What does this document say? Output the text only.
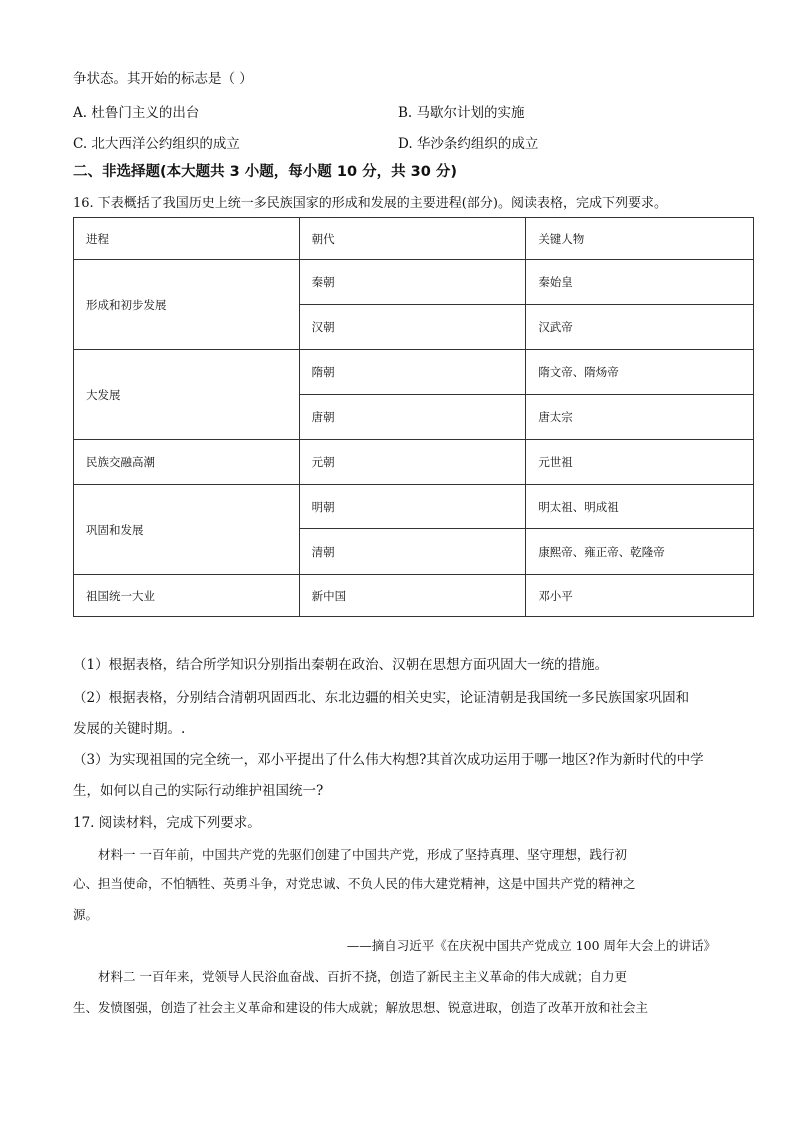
争状态。其开始的标志是（ ）
A. 杜鲁门主义的出台	B. 马歇尔计划的实施
C. 北大西洋公约组织的成立	D. 华沙条约组织的成立
二、非选择题(本大题共 3 小题，每小题 10 分，共 30 分)
16. 下表概括了我国历史上统一多民族国家的形成和发展的主要进程(部分)。阅读表格，完成下列要求。
进程	朝代	关键人物
形成和初步发展	秦朝	秦始皇
	汉朝	汉武帝
大发展	隋朝	隋文帝、隋炀帝
	唐朝	唐太宗
民族交融高潮	元朝	元世祖
巩固和发展	明朝	明太祖、明成祖
	清朝	康熙帝、雍正帝、乾隆帝
祖国统一大业	新中国	邓小平
（1）根据表格，结合所学知识分别指出秦朝在政治、汉朝在思想方面巩固大一统的措施。
（2）根据表格，分别结合清朝巩固西北、东北边疆的相关史实，论证清朝是我国统一多民族国家巩固和
发展的关键时期。.
（3）为实现祖国的完全统一，邓小平提出了什么伟大构想?其首次成功运用于哪一地区?作为新时代的中学
生，如何以自己的实际行动维护祖国统一?
17. 阅读材料，完成下列要求。
材料一 一百年前，中国共产党的先驱们创建了中国共产党，形成了坚持真理、坚守理想，践行初
心、担当使命，不怕牺牲、英勇斗争，对党忠诚、不负人民的伟大建党精神，这是中国共产党的精神之
源。
——摘自习近平《在庆祝中国共产党成立 100 周年大会上的讲话》
材料二 一百年来，党领导人民浴血奋战、百折不挠，创造了新民主主义革命的伟大成就；自力更
生、发愤图强，创造了社会主义革命和建设的伟大成就；解放思想、锐意进取，创造了改革开放和社会主
